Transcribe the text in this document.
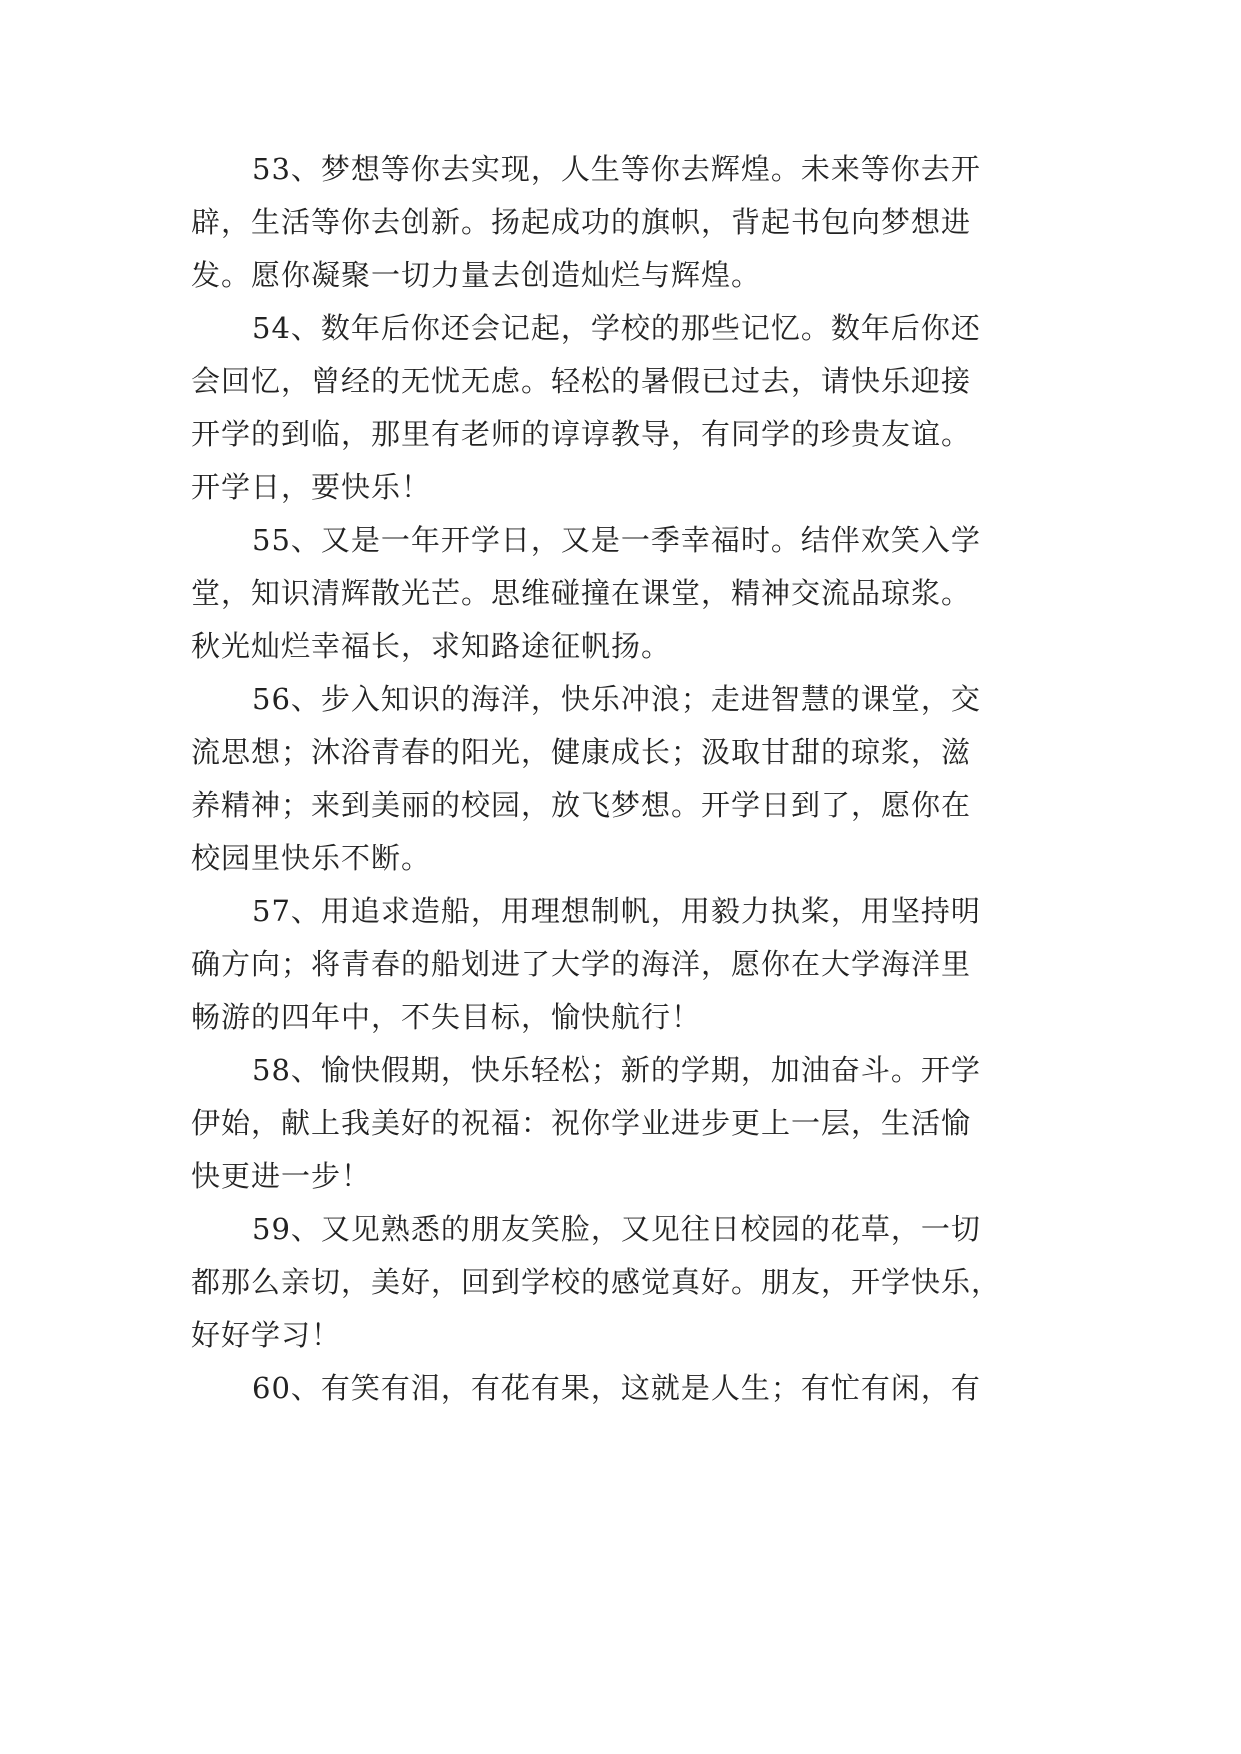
53、梦想等你去实现，人生等你去辉煌。未来等你去开
辟，生活等你去创新。扬起成功的旗帜，背起书包向梦想进
发。愿你凝聚一切力量去创造灿烂与辉煌。
54、数年后你还会记起，学校的那些记忆。数年后你还
会回忆，曾经的无忧无虑。轻松的暑假已过去，请快乐迎接
开学的到临，那里有老师的谆谆教导，有同学的珍贵友谊。
开学日，要快乐！
55、又是一年开学日，又是一季幸福时。结伴欢笑入学
堂，知识清辉散光芒。思维碰撞在课堂，精神交流品琼浆。
秋光灿烂幸福长，求知路途征帆扬。
56、步入知识的海洋，快乐冲浪；走进智慧的课堂，交
流思想；沐浴青春的阳光，健康成长；汲取甘甜的琼浆，滋
养精神；来到美丽的校园，放飞梦想。开学日到了，愿你在
校园里快乐不断。
57、用追求造船，用理想制帆，用毅力执桨，用坚持明
确方向；将青春的船划进了大学的海洋，愿你在大学海洋里
畅游的四年中，不失目标，愉快航行！
58、愉快假期，快乐轻松；新的学期，加油奋斗。开学
伊始，献上我美好的祝福：祝你学业进步更上一层，生活愉
快更进一步！
59、又见熟悉的朋友笑脸，又见往日校园的花草，一切
都那么亲切，美好，回到学校的感觉真好。朋友，开学快乐，
好好学习！
60、有笑有泪，有花有果，这就是人生；有忙有闲，有
